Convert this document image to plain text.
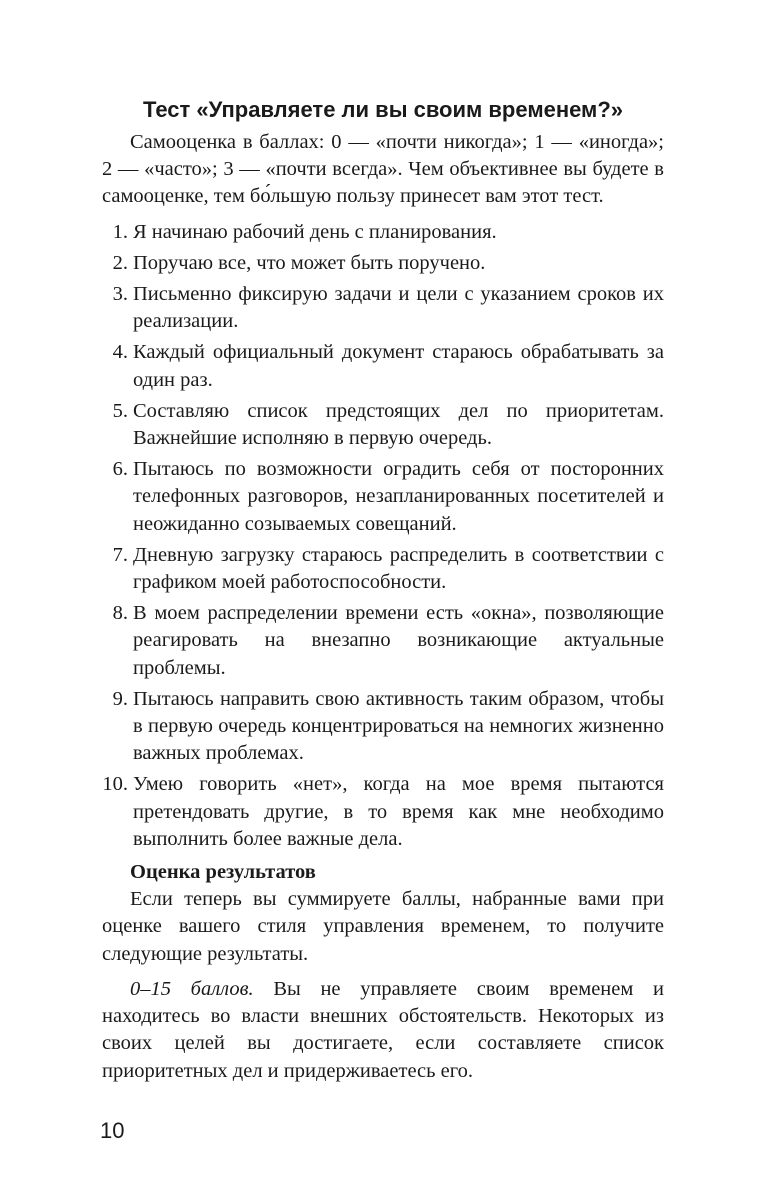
Тест «Управляете ли вы своим временем?»

Самооценка в баллах: 0 — «почти никогда»; 1 — «иногда»; 2 — «часто»; 3 — «почти всегда». Чем объективнее вы будете в самооценке, тем бо́льшую пользу принесет вам этот тест.

1. Я начинаю рабочий день с планирования.
2. Поручаю все, что может быть поручено.
3. Письменно фиксирую задачи и цели с указанием сроков их реализации.
4. Каждый официальный документ стараюсь обрабатывать за один раз.
5. Составляю список предстоящих дел по приоритетам. Важнейшие исполняю в первую очередь.
6. Пытаюсь по возможности оградить себя от посторонних телефонных разговоров, незапланированных посетителей и неожиданно созываемых совещаний.
7. Дневную загрузку стараюсь распределить в соответствии с графиком моей работоспособности.
8. В моем распределении времени есть «окна», позволяющие реагировать на внезапно возникающие актуальные проблемы.
9. Пытаюсь направить свою активность таким образом, чтобы в первую очередь концентрироваться на немногих жизненно важных проблемах.
10. Умею говорить «нет», когда на мое время пытаются претендовать другие, в то время как мне необходимо выполнить более важные дела.
Оценка результатов

Если теперь вы суммируете баллы, набранные вами при оценке вашего стиля управления временем, то получите следующие результаты.

0–15 баллов. Вы не управляете своим временем и находитесь во власти внешних обстоятельств. Некоторых из своих целей вы достигаете, если составляете список приоритетных дел и придерживаетесь его.

10
